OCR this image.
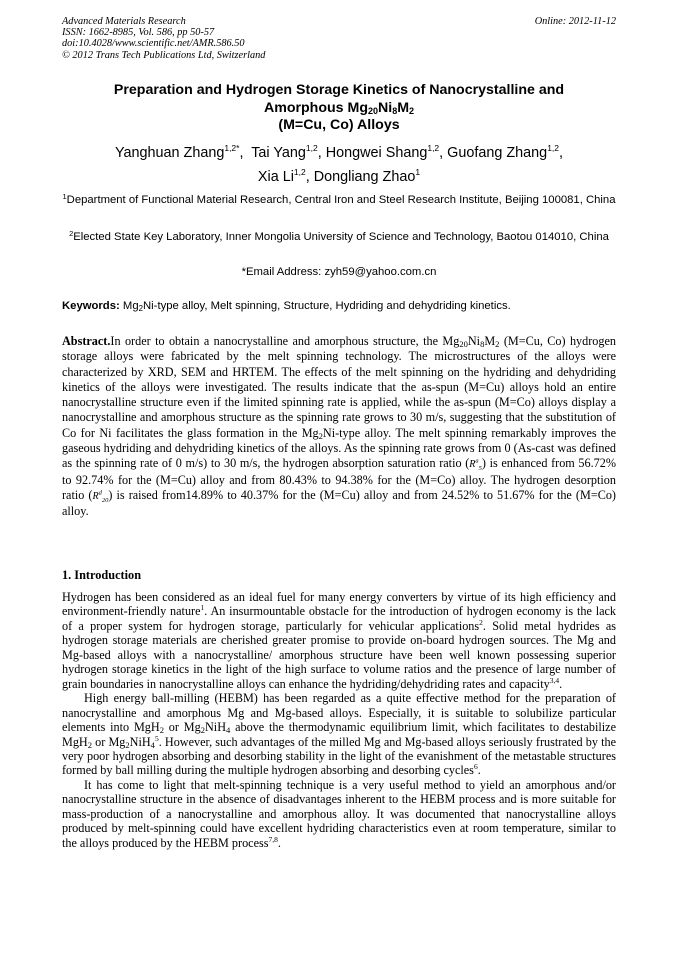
Advanced Materials Research
ISSN: 1662-8985, Vol. 586, pp 50-57
doi:10.4028/www.scientific.net/AMR.586.50
© 2012 Trans Tech Publications Ltd, Switzerland
Online: 2012-11-12
Preparation and Hydrogen Storage Kinetics of Nanocrystalline and
Amorphous $Mg_{20}Ni_8M_2$
(M=Cu, Co) Alloys
Yanghuan Zhang$^{1,2*}$,  Tai Yang$^{1,2}$, Hongwei Shang$^{1,2}$, Guofang Zhang$^{1,2}$,
Xia Li$^{1,2}$, Dongliang Zhao$^1$
$^1$Department of Functional Material Research, Central Iron and Steel Research Institute, Beijing 100081, China
$^2$Elected State Key Laboratory, Inner Mongolia University of Science and Technology, Baotou 014010, China
*Email Address: zyh59@yahoo.com.cn
Keywords: $Mg_2Ni$-type alloy, Melt spinning, Structure, Hydriding and dehydriding kinetics.
Abstract.In order to obtain a nanocrystalline and amorphous structure, the $Mg_{20}Ni_8M_2$ (M=Cu, Co) hydrogen storage alloys were fabricated by the melt spinning technology. The microstructures of the alloys were characterized by XRD, SEM and HRTEM. The effects of the melt spinning on the hydriding and dehydriding kinetics of the alloys were investigated. The results indicate that the as-spun (M=Cu) alloys hold an entire nanocrystalline structure even if the limited spinning rate is applied, while the as-spun (M=Co) alloys display a nanocrystalline and amorphous structure as the spinning rate grows to 30 m/s, suggesting that the substitution of Co for Ni facilitates the glass formation in the $Mg_2Ni$-type alloy. The melt spinning remarkably improves the gaseous hydriding and dehydriding kinetics of the alloys. As the spinning rate grows from 0 (As-cast was defined as the spinning rate of 0 m/s) to 30 m/s, the hydrogen absorption saturation ratio $(R^a_5)$ is enhanced from 56.72% to 92.74% for the (M=Cu) alloy and from 80.43% to 94.38% for the (M=Co) alloy. The hydrogen desorption ratio $(R^d_{20})$ is raised from14.89% to 40.37% for the (M=Cu) alloy and from 24.52% to 51.67% for the (M=Co) alloy.
1. Introduction

Hydrogen has been considered as an ideal fuel for many energy converters by virtue of its high efficiency and environment-friendly nature$^1$. An insurmountable obstacle for the introduction of hydrogen economy is the lack of a proper system for hydrogen storage, particularly for vehicular applications$^2$. Solid metal hydrides as hydrogen storage materials are cherished greater promise to provide on-board hydrogen sources. The Mg and Mg-based alloys with a nanocrystalline/ amorphous structure have been well known possessing superior hydrogen storage kinetics in the light of the high surface to volume ratios and the presence of large number of grain boundaries in nanocrystalline alloys can enhance the hydriding/dehydriding rates and capacity$^{3,4}$.

High energy ball-milling (HEBM) has been regarded as a quite effective method for the preparation of nanocrystalline and amorphous Mg and Mg-based alloys. Especially, it is suitable to solubilize particular elements into MgH$_2$ or $Mg_2NiH_4$ above the thermodynamic equilibrium limit, which facilitates to destabilize MgH$_2$ or $Mg_2NiH_4^5$. However, such advantages of the milled Mg and Mg-based alloys seriously frustrated by the very poor hydrogen absorbing and desorbing stability in the light of the evanishment of the metastable structures formed by ball milling during the multiple hydrogen absorbing and desorbing cycles$^6$.

It has come to light that melt-spinning technique is a very useful method to yield an amorphous and/or nanocrystalline structure in the absence of disadvantages inherent to the HEBM process and is more suitable for mass-production of a nanocrystalline and amorphous alloy. It was documented that nanocrystalline alloys produced by melt-spinning could have excellent hydriding characteristics even at room temperature, similar to the alloys produced by the HEBM process$^{7,8}$.
